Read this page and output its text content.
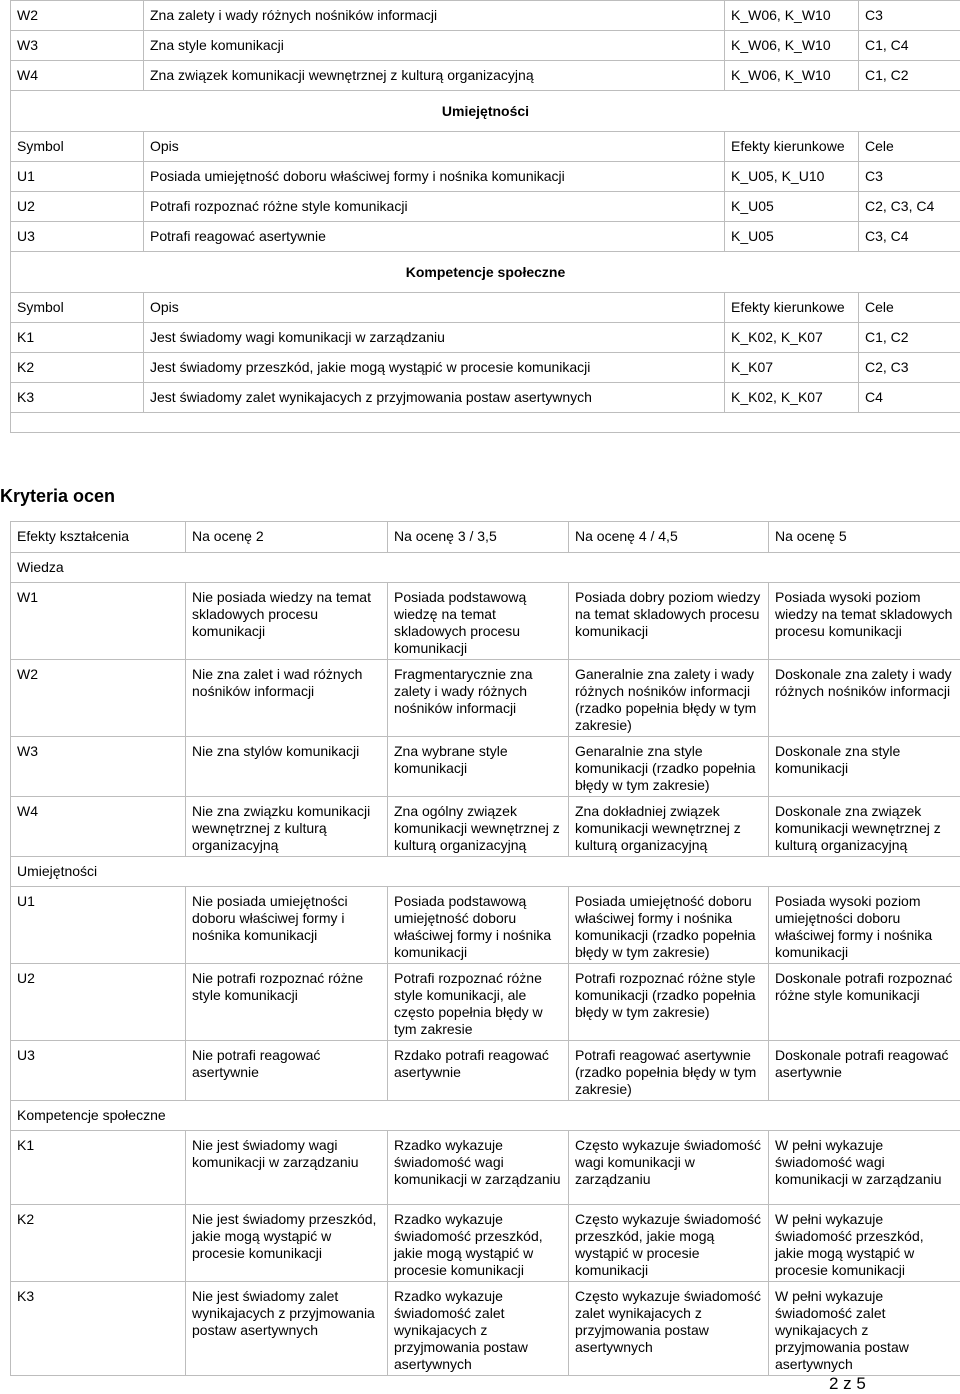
W2	Zna zalety i wady różnych nośników informacji	K_W06, K_W10	C3
W3	Zna style komunikacji	K_W06, K_W10	C1, C4
W4	Zna związek komunikacji wewnętrznej z kulturą organizacyjną	K_W06, K_W10	C1, C2
Umiejętności			
Symbol	Opis	Efekty kierunkowe	Cele
U1	Posiada umiejętność doboru właściwej formy i nośnika komunikacji	K_U05, K_U10	C3
U2	Potrafi rozpoznać różne style komunikacji	K_U05	C2, C3, C4
U3	Potrafi reagować asertywnie	K_U05	C3, C4
Kompetencje społeczne			
Symbol	Opis	Efekty kierunkowe	Cele
K1	Jest świadomy wagi komunikacji w zarządzaniu	K_K02, K_K07	C1, C2
K2	Jest świadomy przeszkód, jakie mogą wystąpić w procesie komunikacji	K_K07	C2, C3
K3	Jest świadomy zalet wynikajacych z przyjmowania postaw asertywnych	K_K02, K_K07	C4

Kryteria ocen
Efekty kształcenia	Na ocenę 2	Na ocenę 3 / 3,5	Na ocenę 4 / 4,5	Na ocenę 5
Wiedza				
W1	Nie posiada wiedzy na temat skladowych procesu komunikacji	Posiada podstawową wiedzę na temat skladowych procesu komunikacji	Posiada dobry poziom wiedzy na temat skladowych procesu komunikacji	Posiada wysoki poziom wiedzy na temat skladowych procesu komunikacji
W2	Nie zna zalet i wad różnych nośników informacji	Fragmentarycznie zna zalety i wady różnych nośników informacji	Ganeralnie zna zalety i wady różnych nośników informacji (rzadko popełnia błędy w tym zakresie)	Doskonale zna zalety i wady różnych nośników informacji
W3	Nie zna stylów komunikacji	Zna wybrane style komunikacji	Genaralnie zna style komunikacji (rzadko popełnia błędy w tym zakresie)	Doskonale zna style komunikacji
W4	Nie zna związku komunikacji wewnętrznej z kulturą organizacyjną	Zna ogólny związek komunikacji wewnętrznej z kulturą organizacyjną	Zna dokładniej związek komunikacji wewnętrznej z kulturą organizacyjną	Doskonale zna związek komunikacji wewnętrznej z kulturą organizacyjną
Umiejętności				
U1	Nie posiada umiejętności doboru właściwej formy i nośnika komunikacji	Posiada podstawową umiejętność doboru właściwej formy i nośnika komunikacji	Posiada umiejętność doboru właściwej formy i nośnika komunikacji (rzadko popełnia błędy w tym zakresie)	Posiada wysoki poziom umiejętności doboru właściwej formy i nośnika komunikacji
U2	Nie potrafi rozpoznać różne style komunikacji	Potrafi rozpoznać różne style komunikacji, ale często popełnia błędy w tym zakresie	Potrafi rozpoznać różne style komunikacji (rzadko popełnia błędy w tym zakresie)	Doskonale potrafi rozpoznać różne style komunikacji
U3	Nie potrafi reagować asertywnie	Rzdako potrafi reagować asertywnie	Potrafi reagować asertywnie (rzadko popełnia błędy w tym zakresie)	Doskonale potrafi reagować asertywnie
Kompetencje społeczne				
K1	Nie jest świadomy wagi komunikacji w zarządzaniu	Rzadko wykazuje świadomość wagi komunikacji w zarządzaniu	Często wykazuje świadomość wagi komunikacji w zarządzaniu	W pełni wykazuje świadomość wagi komunikacji w zarządzaniu
K2	Nie jest świadomy przeszkód, jakie mogą wystąpić w procesie komunikacji	Rzadko wykazuje świadomość przeszkód, jakie mogą wystąpić w procesie komunikacji	Często wykazuje świadomość przeszkód, jakie mogą wystąpić w procesie komunikacji	W pełni wykazuje świadomość przeszkód, jakie mogą wystąpić w procesie komunikacji
K3	Nie jest świadomy zalet wynikajacych z przyjmowania postaw asertywnych	Rzadko wykazuje świadomość zalet wynikajacych z przyjmowania postaw asertywnych	Często wykazuje świadomość zalet wynikajacych z przyjmowania postaw asertywnych	W pełni wykazuje świadomość zalet wynikajacych z przyjmowania postaw asertywnych
2 z 5
